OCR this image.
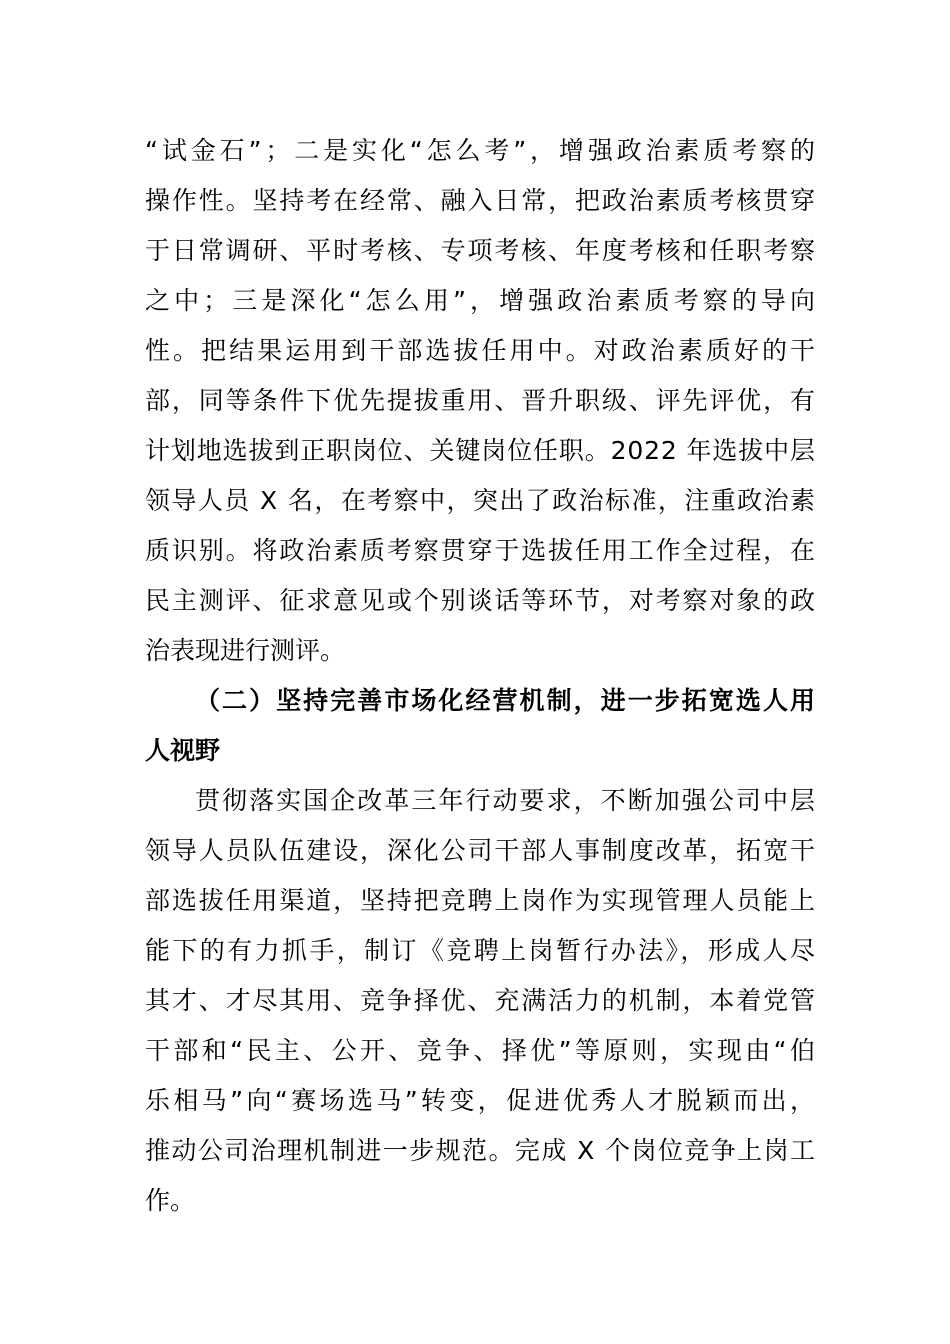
“试金石”；二是实化“怎么考”，增强政治素质考察的
操作性。坚持考在经常、融入日常，把政治素质考核贯穿
于日常调研、平时考核、专项考核、年度考核和任职考察
之中；三是深化“怎么用”，增强政治素质考察的导向
性。把结果运用到干部选拔任用中。对政治素质好的干
部，同等条件下优先提拔重用、晋升职级、评先评优，有
计划地选拔到正职岗位、关键岗位任职。2022 年选拔中层
领导人员 X 名，在考察中，突出了政治标准，注重政治素
质识别。将政治素质考察贯穿于选拔任用工作全过程，在
民主测评、征求意见或个别谈话等环节，对考察对象的政
治表现进行测评。
（二）坚持完善市场化经营机制，进一步拓宽选人用
人视野
贯彻落实国企改革三年行动要求，不断加强公司中层
领导人员队伍建设，深化公司干部人事制度改革，拓宽干
部选拔任用渠道，坚持把竞聘上岗作为实现管理人员能上
能下的有力抓手，制订《竞聘上岗暂行办法》，形成人尽
其才、才尽其用、竞争择优、充满活力的机制，本着党管
干部和“民主、公开、竞争、择优”等原则，实现由“伯
乐相马”向“赛场选马”转变，促进优秀人才脱颖而出，
推动公司治理机制进一步规范。完成 X 个岗位竞争上岗工
作。
